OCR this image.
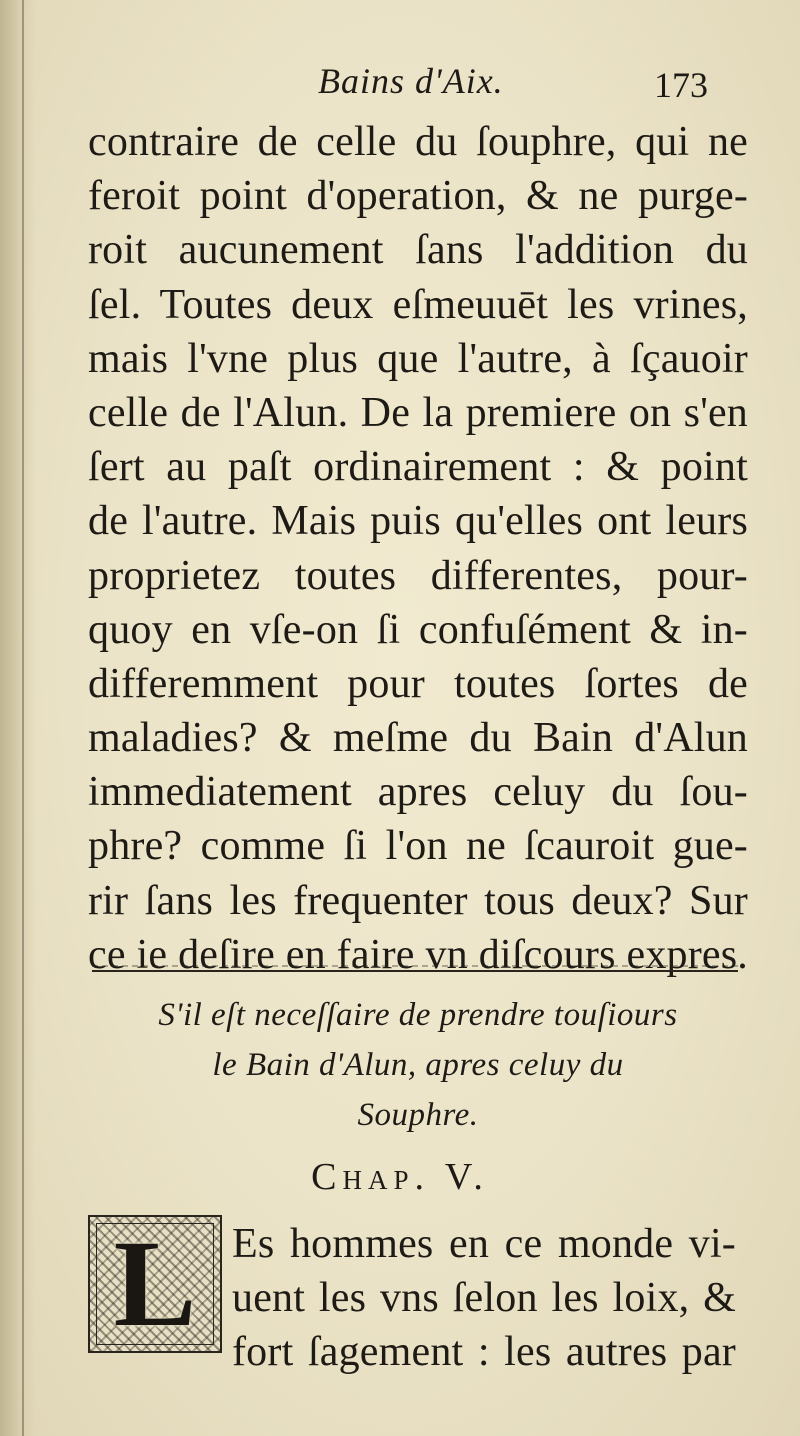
Bains d'Aix.	173
contraire de celle du ſouphre, qui ne
feroit point d'operation, & ne purge-
roit aucunement ſans l'addition du
ſel. Toutes deux eſmeuuēt les vrines,
mais l'vne plus que l'autre, à ſçauoir
celle de l'Alun. De la premiere on s'en
ſert au paſt ordinairement : & point
de l'autre. Mais puis qu'elles ont leurs
proprietez toutes differentes, pour-
quoy en vſe-on ſi confuſément & in-
differemment pour toutes ſortes de
maladies? & meſme du Bain d'Alun
immediatement apres celuy du ſou-
phre? comme ſi l'on ne ſcauroit gue-
rir ſans les frequenter tous deux? Sur
ce ie deſire en faire vn diſcours expres.
S'il eſt neceſſaire de prendre touſiours
le Bain d'Alun, apres celuy du
Souphre.
Chap. V.
L Es hommes en ce monde vi-
uent les vns ſelon les loix, &
fort ſagement : les autres par
